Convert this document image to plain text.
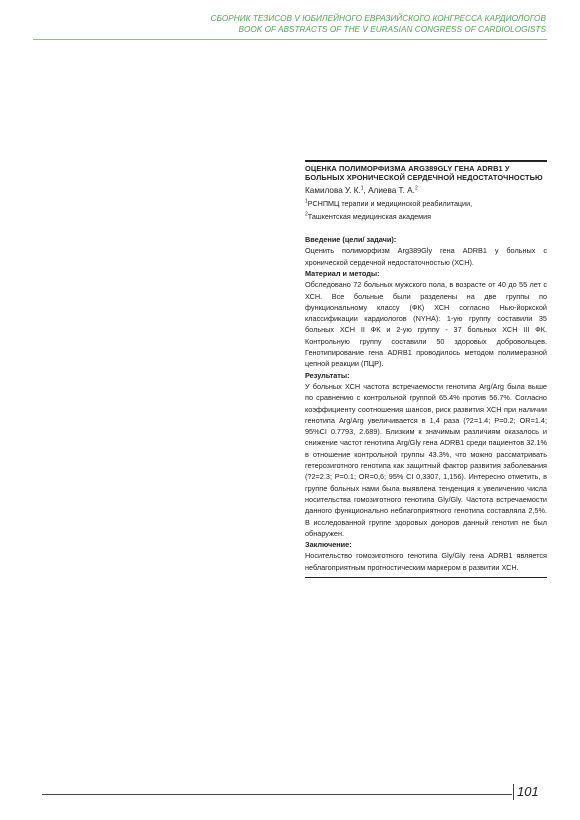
СБОРНИК ТЕЗИСОВ V ЮБИЛЕЙНОГО ЕВРАЗИЙСКОГО КОНГРЕССА КАРДИОЛОГОВ
BOOK OF ABSTRACTS OF THE V EURASIAN CONGRESS OF CARDIOLOGISTS
ОЦЕНКА ПОЛИМОРФИЗМА ARG389GLY ГЕНА ADRB1 У
БОЛЬНЫХ ХРОНИЧЕСКОЙ СЕРДЕЧНОЙ НЕДОСТАТОЧНОСТЬЮ
Камилова У. К.$^1$, Алиева Т. А.$^2$
$^1$РСНПМЦ терапии и медицинской реабилитации,
$^2$Ташкентская медицинская академия
Введение (цели/ задачи):
Оценить полиморфизм Arg389Gly гена ADRB1 у больных с хронической сердечной недостаточностью (ХСН).
Материал и методы:
Обследовано 72 больных мужского пола, в возрасте от 40 до 55 лет с ХСН. Все больные были разделены на две группы по функциональному классу (ФК) ХСН согласно Нью-йоркской классификации кардиологов (NYHA): 1-ую группу составили 35 больных ХСН II ФК и 2-ую группу - 37 больных ХСН III ФК. Контрольную группу составили 50 здоровых добровольцев. Генотипирование гена ADRB1 проводилось методом полимеразной цепной реакции (ПЦР).
Результаты:
У больных ХСН частота встречаемости генотипа Arg/Arg была выше по сравнению с контрольной группой 65.4% против 56.7%. Согласно коэффициенту соотношения шансов, риск развития ХСН при наличии генотипа Arg/Arg увеличивается в 1,4 раза (?2=1.4; P=0.2; OR=1.4; 95%CI 0.7793, 2.689). Близким к значимым различиям оказалось и снижение частот генотипа Arg/Gly гена ADRB1 среди пациентов 32.1% в отношение контрольной группы 43.3%, что можно рассматривать гетерозиготного генотипа как защитный фактор развития заболевания (?2=2.3; P=0.1; OR=0,6; 95% CI 0,3307, 1,156). Интересно отметить, в группе больных нами была выявлена тенденция к увеличению числа носительства гомозиготного генотипа Gly/Gly. Частота встречаемости данного функционально неблагоприятного генотипа составляла 2,5%. В исследованной группе здоровых доноров данный генотип не был обнаружен.
Заключение:
Носительство гомозиготного генотипа Gly/Gly гена ADRB1 является неблагоприятным прогностическим маркером в развитии ХСН.
101
